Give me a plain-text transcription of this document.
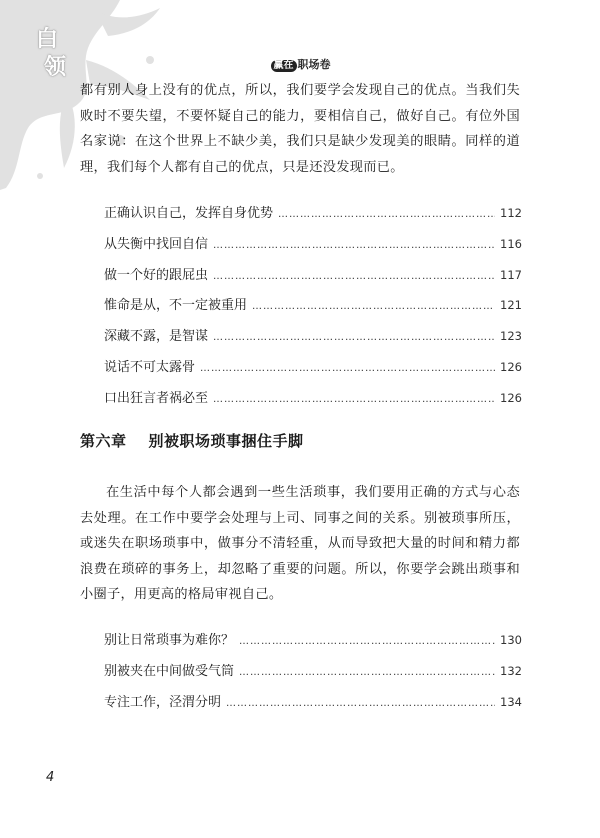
白
领	赢在 职场卷
都有别人身上没有的优点，所以，我们要学会发现自己的优点。当我们失败时不要失望，不要怀疑自己的能力，要相信自己，做好自己。有位外国名家说：在这个世界上不缺少美，我们只是缺少发现美的眼睛。同样的道理，我们每个人都有自己的优点，只是还没发现而已。
正确认识自己，发挥自身优势 ………………………………………………………………………………………………………………………………	112
从失衡中找回自信 ………………………………………………………………………………………………………………………………	116
做一个好的跟屁虫 ………………………………………………………………………………………………………………………………	117
惟命是从，不一定被重用 ………………………………………………………………………………………………………………………………	121
深藏不露，是智谋 ………………………………………………………………………………………………………………………………	123
说话不可太露骨 ………………………………………………………………………………………………………………………………	126
口出狂言者祸必至 ………………………………………………………………………………………………………………………………	126
第六章 别被职场琐事捆住手脚
在生活中每个人都会遇到一些生活琐事，我们要用正确的方式与心态去处理。在工作中要学会处理与上司、同事之间的关系。别被琐事所压，或迷失在职场琐事中，做事分不清轻重，从而导致把大量的时间和精力都浪费在琐碎的事务上，却忽略了重要的问题。所以，你要学会跳出琐事和小圈子，用更高的格局审视自己。
别让日常琐事为难你？ ………………………………………………………………………………………………………………………………	130
别被夹在中间做受气筒 ………………………………………………………………………………………………………………………………	132
专注工作，泾渭分明 ………………………………………………………………………………………………………………………………	134
4
